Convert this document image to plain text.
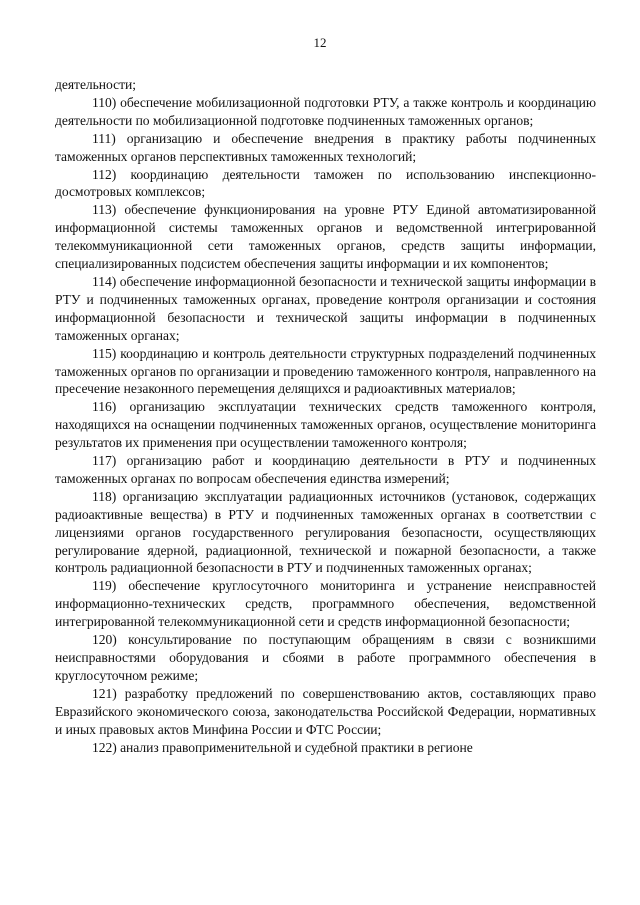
12

деятельности;

110) обеспечение мобилизационной подготовки РТУ, а также контроль и координацию деятельности по мобилизационной подготовке подчиненных таможенных органов;

111) организацию и обеспечение внедрения в практику работы подчиненных таможенных органов перспективных таможенных технологий;

112) координацию деятельности таможен по использованию инспекционно-досмотровых комплексов;

113) обеспечение функционирования на уровне РТУ Единой автоматизированной информационной системы таможенных органов и ведомственной интегрированной телекоммуникационной сети таможенных органов, средств защиты информации, специализированных подсистем обеспечения защиты информации и их компонентов;

114) обеспечение информационной безопасности и технической защиты информации в РТУ и подчиненных таможенных органах, проведение контроля организации и состояния информационной безопасности и технической защиты информации в подчиненных таможенных органах;

115) координацию и контроль деятельности структурных подразделений подчиненных таможенных органов по организации и проведению таможенного контроля, направленного на пресечение незаконного перемещения делящихся и радиоактивных материалов;

116) организацию эксплуатации технических средств таможенного контроля, находящихся на оснащении подчиненных таможенных органов, осуществление мониторинга результатов их применения при осуществлении таможенного контроля;

117) организацию работ и координацию деятельности в РТУ и подчиненных таможенных органах по вопросам обеспечения единства измерений;

118) организацию эксплуатации радиационных источников (установок, содержащих радиоактивные вещества) в РТУ и подчиненных таможенных органах в соответствии с лицензиями органов государственного регулирования безопасности, осуществляющих регулирование ядерной, радиационной, технической и пожарной безопасности, а также контроль радиационной безопасности в РТУ и подчиненных таможенных органах;

119) обеспечение круглосуточного мониторинга и устранение неисправностей информационно-технических средств, программного обеспечения, ведомственной интегрированной телекоммуникационной сети и средств информационной безопасности;

120) консультирование по поступающим обращениям в связи с возникшими неисправностями оборудования и сбоями в работе программного обеспечения в круглосуточном режиме;

121) разработку предложений по совершенствованию актов, составляющих право Евразийского экономического союза, законодательства Российской Федерации, нормативных и иных правовых актов Минфина России и ФТС России;

122) анализ правоприменительной и судебной практики в регионе
